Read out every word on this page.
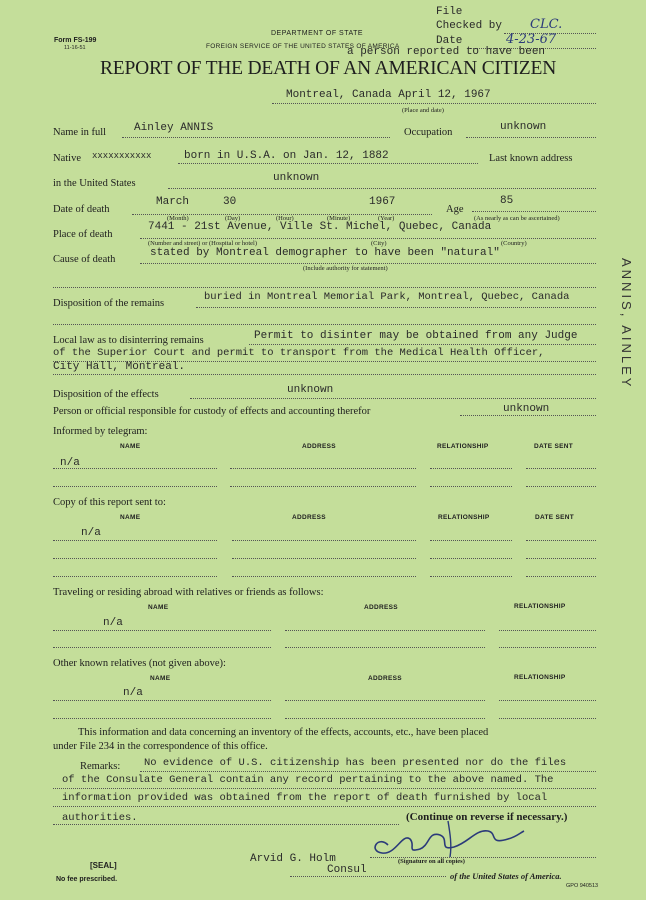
Form FS-199
11-16-51
DEPARTMENT OF STATE
FOREIGN SERVICE OF THE UNITED STATES OF AMERICA
File
Checked by CLC.
Date	4-23-67
a person reported to have been
REPORT OF THE DEATH OF AN AMERICAN CITIZEN
Montreal, Canada April 12, 1967
(Place and date)
Name in full	Ainley ANNIS	Occupation	unknown
Native xxxxxxxxxxx	born in U.S.A. on Jan. 12, 1882	Last known address
in the United States	unknown
Date of death
March	30	1967
Age
85
(Month)	(Day)	(Hour)	(Minute)	(Year)	(As nearly as can be ascertained)
Place of death
7441 - 21st Avenue, Ville St. Michel, Quebec, Canada
(Number and street) or (Hospital or hotel)	(City)	(Country)
Cause of death
stated by Montreal demographer to have been "natural"
(Include authority for statement)
Disposition of the remains
buried in Montreal Memorial Park, Montreal, Quebec, Canada
Local law as to disinterring remains	Permit to disinter may be obtained from any Judge
of the Superior Court and permit to transport from the Medical Health Officer,
City Hall, Montreal.
Disposition of the effects	unknown
Person or official responsible for custody of effects and accounting therefor	unknown
Informed by telegram:
NAME	ADDRESS	RELATIONSHIP	DATE SENT
n/a
Copy of this report sent to:
NAME	ADDRESS	RELATIONSHIP	DATE SENT
n/a
Traveling or residing abroad with relatives or friends as follows:
NAME	ADDRESS	RELATIONSHIP
n/a
Other known relatives (not given above):
NAME	ADDRESS	RELATIONSHIP
n/a
This information and data concerning an inventory of the effects, accounts, etc., have been placed
under File 234 in the correspondence of this office.
Remarks: No evidence of U.S. citizenship has been presented nor do the files
of the Consulate General contain any record pertaining to the above named. The
information provided was obtained from the report of death furnished by local
authorities.	(Continue on reverse if necessary.)
[SEAL]
No fee prescribed.
Arvid G. Holm
Consul
(Signature on all copies)
of the United States of America.
GPO 940513
ANNIS, AINLEY
